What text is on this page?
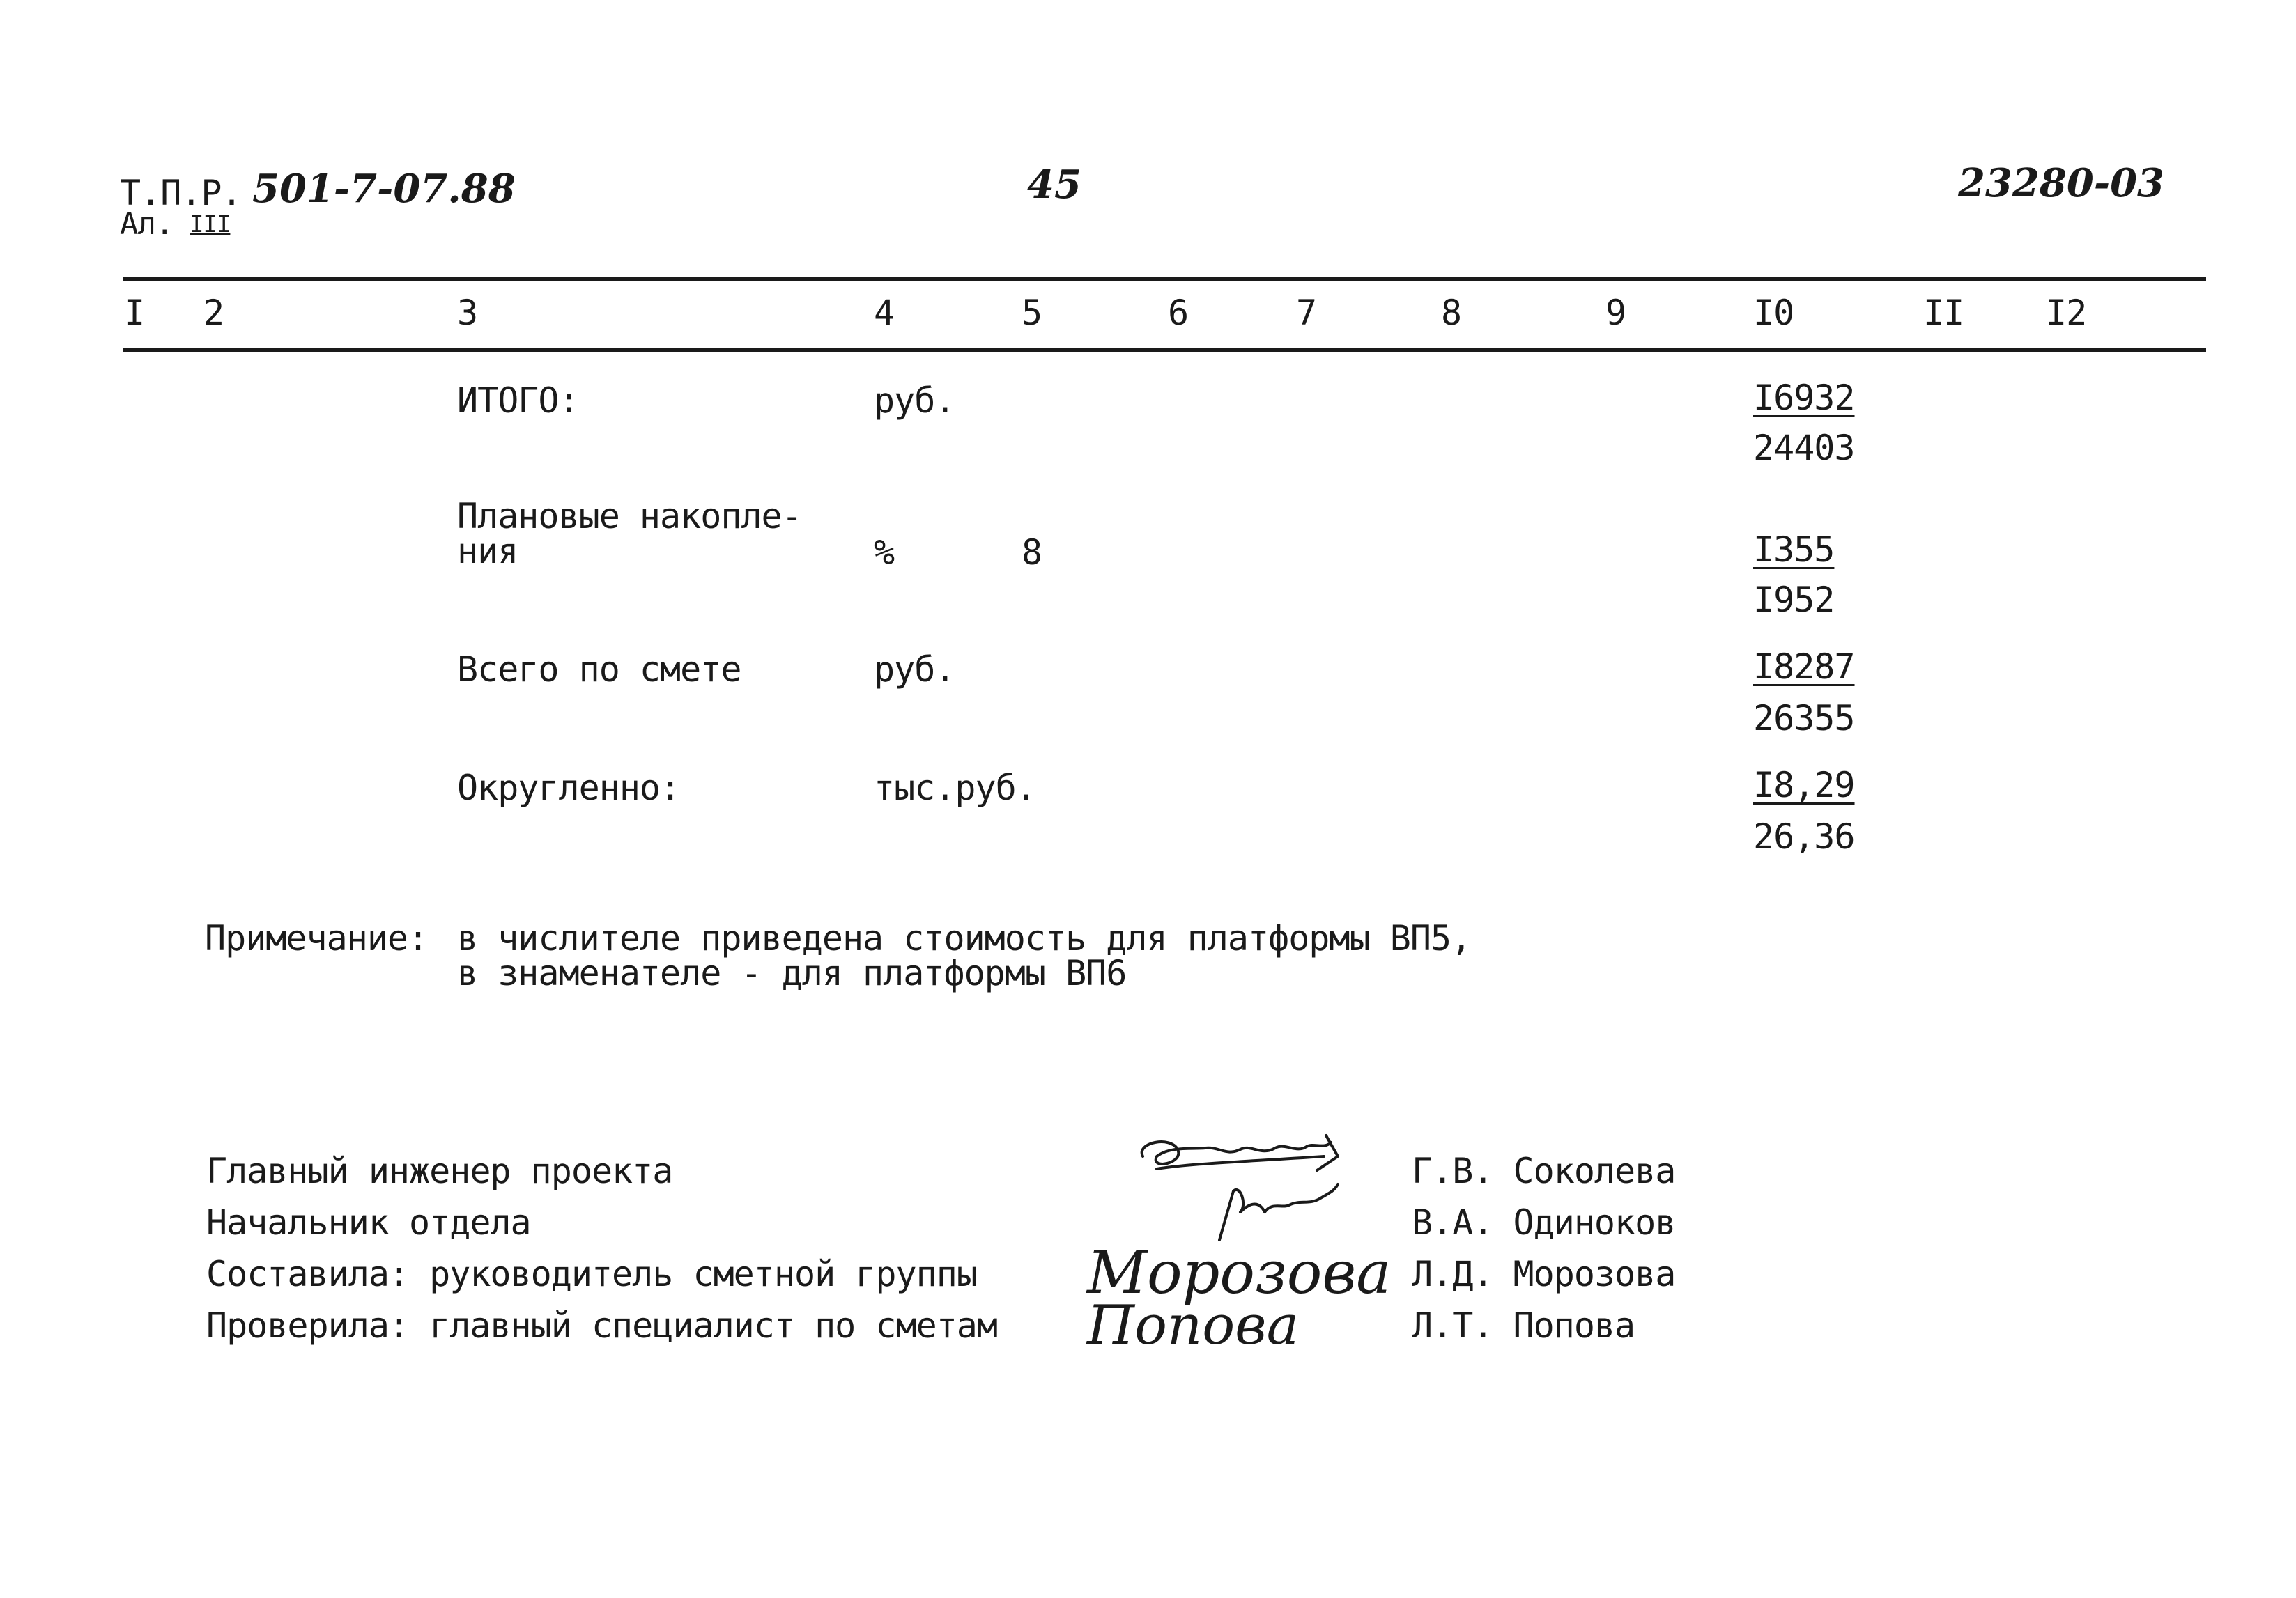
Т.П.Р. 501-7-07.88
Ал. III
45	23280-03
I 2	3	4	5	6	7	8	9	I0	II I2
ИТОГО:	руб.	I6932
24403
Плановые накопле-
ния	%	8	I355
I952
Всего по смете	руб.	I8287
26355
Округленно:	тыс.руб.	I8,29
26,36
Примечание: в числителе приведена стоимость для платформы ВП5,
в знаменателе - для платформы ВП6
Главный инженер проекта
Начальник отдела
Составила: руководитель сметной группы
Проверила: главный специалист по сметам
Морозова
Попова
Г.В. Соколева
В.А. Одиноков
Л.Д. Морозова
Л.Т. Попова
